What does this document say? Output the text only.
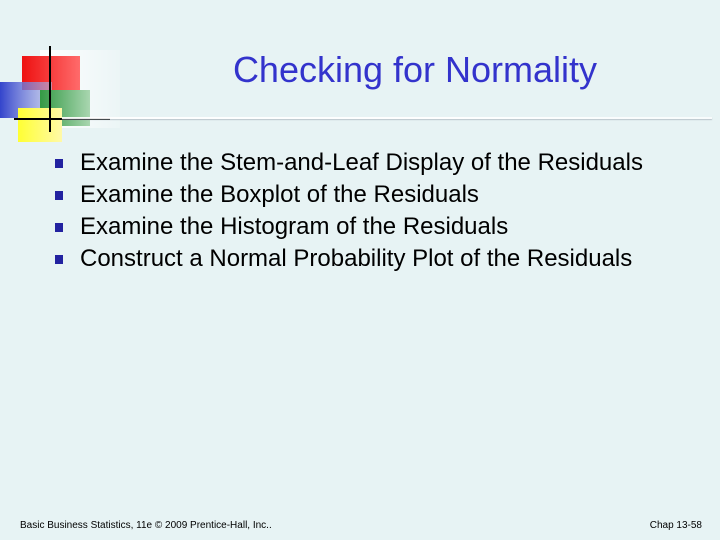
Checking for Normality
Examine the Stem-and-Leaf Display of the Residuals
Examine the Boxplot of the Residuals
Examine the Histogram of the Residuals
Construct a Normal Probability Plot of the Residuals
Basic Business Statistics, 11e © 2009 Prentice-Hall, Inc..	Chap 13-58
